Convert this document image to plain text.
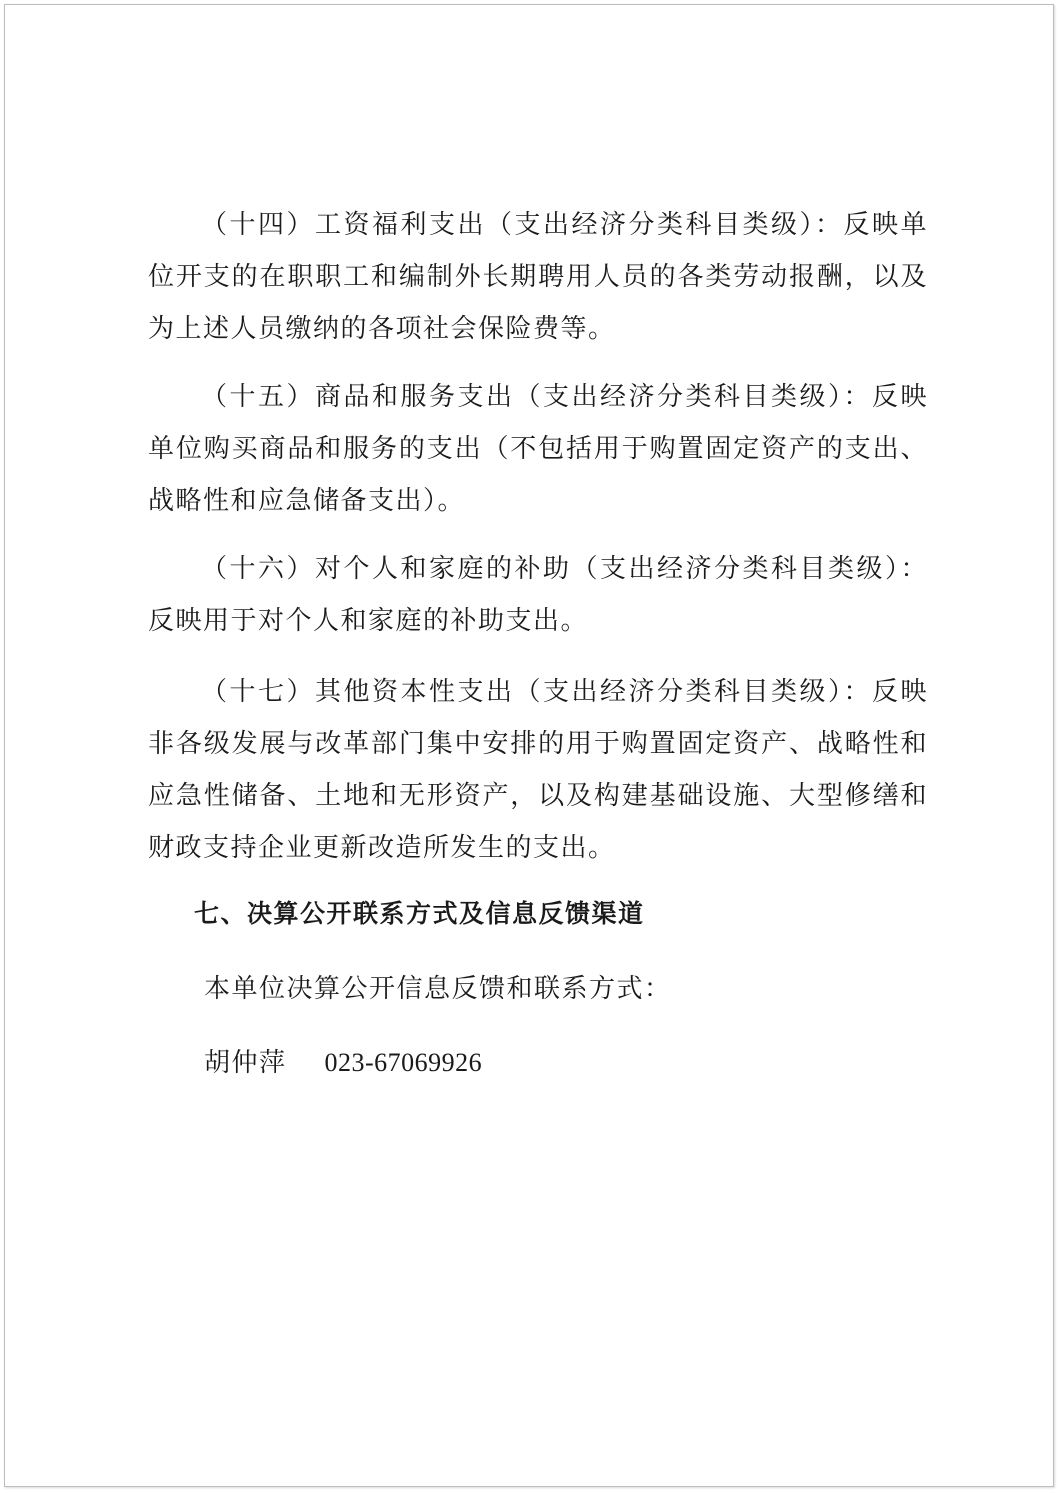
（十四）工资福利支出（支出经济分类科目类级）：反映单位开支的在职职工和编制外长期聘用人员的各类劳动报酬，以及为上述人员缴纳的各项社会保险费等。

（十五）商品和服务支出（支出经济分类科目类级）：反映单位购买商品和服务的支出（不包括用于购置固定资产的支出、战略性和应急储备支出）。

（十六）对个人和家庭的补助（支出经济分类科目类级）：反映用于对个人和家庭的补助支出。

（十七）其他资本性支出（支出经济分类科目类级）：反映非各级发展与改革部门集中安排的用于购置固定资产、战略性和应急性储备、土地和无形资产，以及构建基础设施、大型修缮和财政支持企业更新改造所发生的支出。

七、决算公开联系方式及信息反馈渠道

本单位决算公开信息反馈和联系方式：

胡仲萍 023-67069926
